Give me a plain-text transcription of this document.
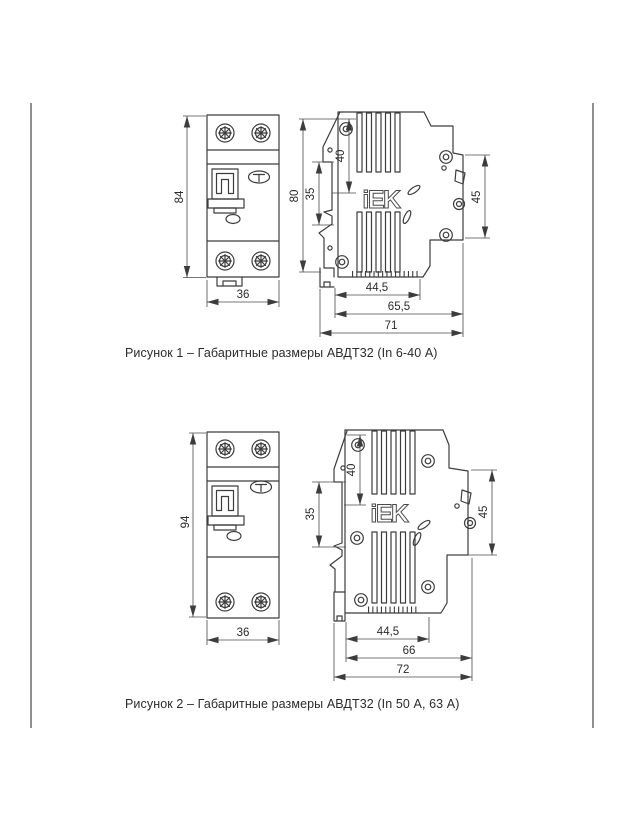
84
36
iEK
80
40
35	45
44,5
65,5
71
94
36
iEK
40
35	45
44,5
66
72
Рисунок 1 – Габаритные размеры АВДТ32 (In 6-40 А)
Рисунок 2 – Габаритные размеры АВДТ32 (In 50 А, 63 А)
